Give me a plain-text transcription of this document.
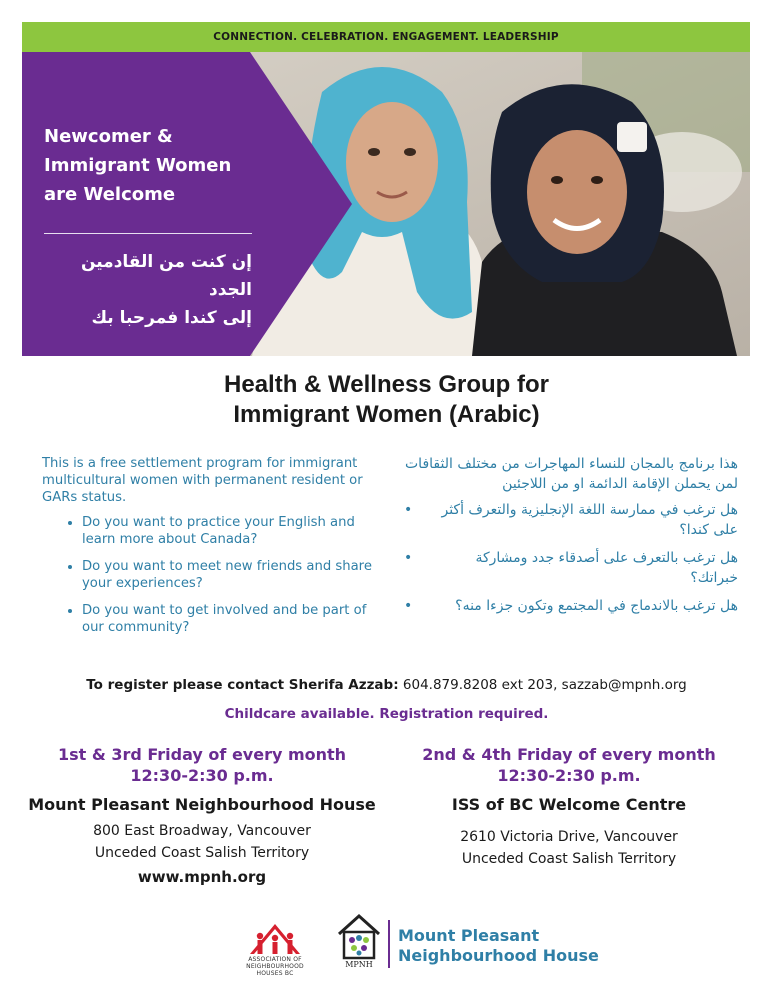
CONNECTION. CELEBRATION. ENGAGEMENT. LEADERSHIP
Newcomer &
Immigrant Women
are Welcome
إن كنت من القادمين الجدد
إلى كندا فمرحبا بك
Health & Wellness Group for
Immigrant Women (Arabic)

This is a free settlement program for immigrant multicultural women with permanent resident or GARs status.

• Do you want to practice your English and learn more about Canada?
• Do you want to meet new friends and share your experiences?
• Do you want to get involved and be part of our community?

هذا برنامج بالمجان للنساء المهاجرات من مختلف الثقافات لمن يحملن الإقامة الدائمة او من اللاجئين

• هل ترغب في ممارسة اللغة الإنجليزية والتعرف أكثر على كندا؟
• هل ترغب بالتعرف على أصدقاء جدد ومشاركة خبراتك؟
• هل ترغب بالاندماج في المجتمع وتكون جزءا منه؟
To register please contact Sherifa Azzab: 604.879.8208 ext 203, sazzab@mpnh.org
Childcare available. Registration required.
1st & 3rd Friday of every month
12:30-2:30 p.m.
Mount Pleasant Neighbourhood House
800 East Broadway, Vancouver
Unceded Coast Salish Territory
www.mpnh.org
2nd & 4th Friday of every month
12:30-2:30 p.m.
ISS of BC Welcome Centre
2610 Victoria Drive, Vancouver
Unceded Coast Salish Territory
ASSOCIATION OF
NEIGHBOURHOOD
HOUSES BC
MPNH
Mount Pleasant
Neighbourhood House
